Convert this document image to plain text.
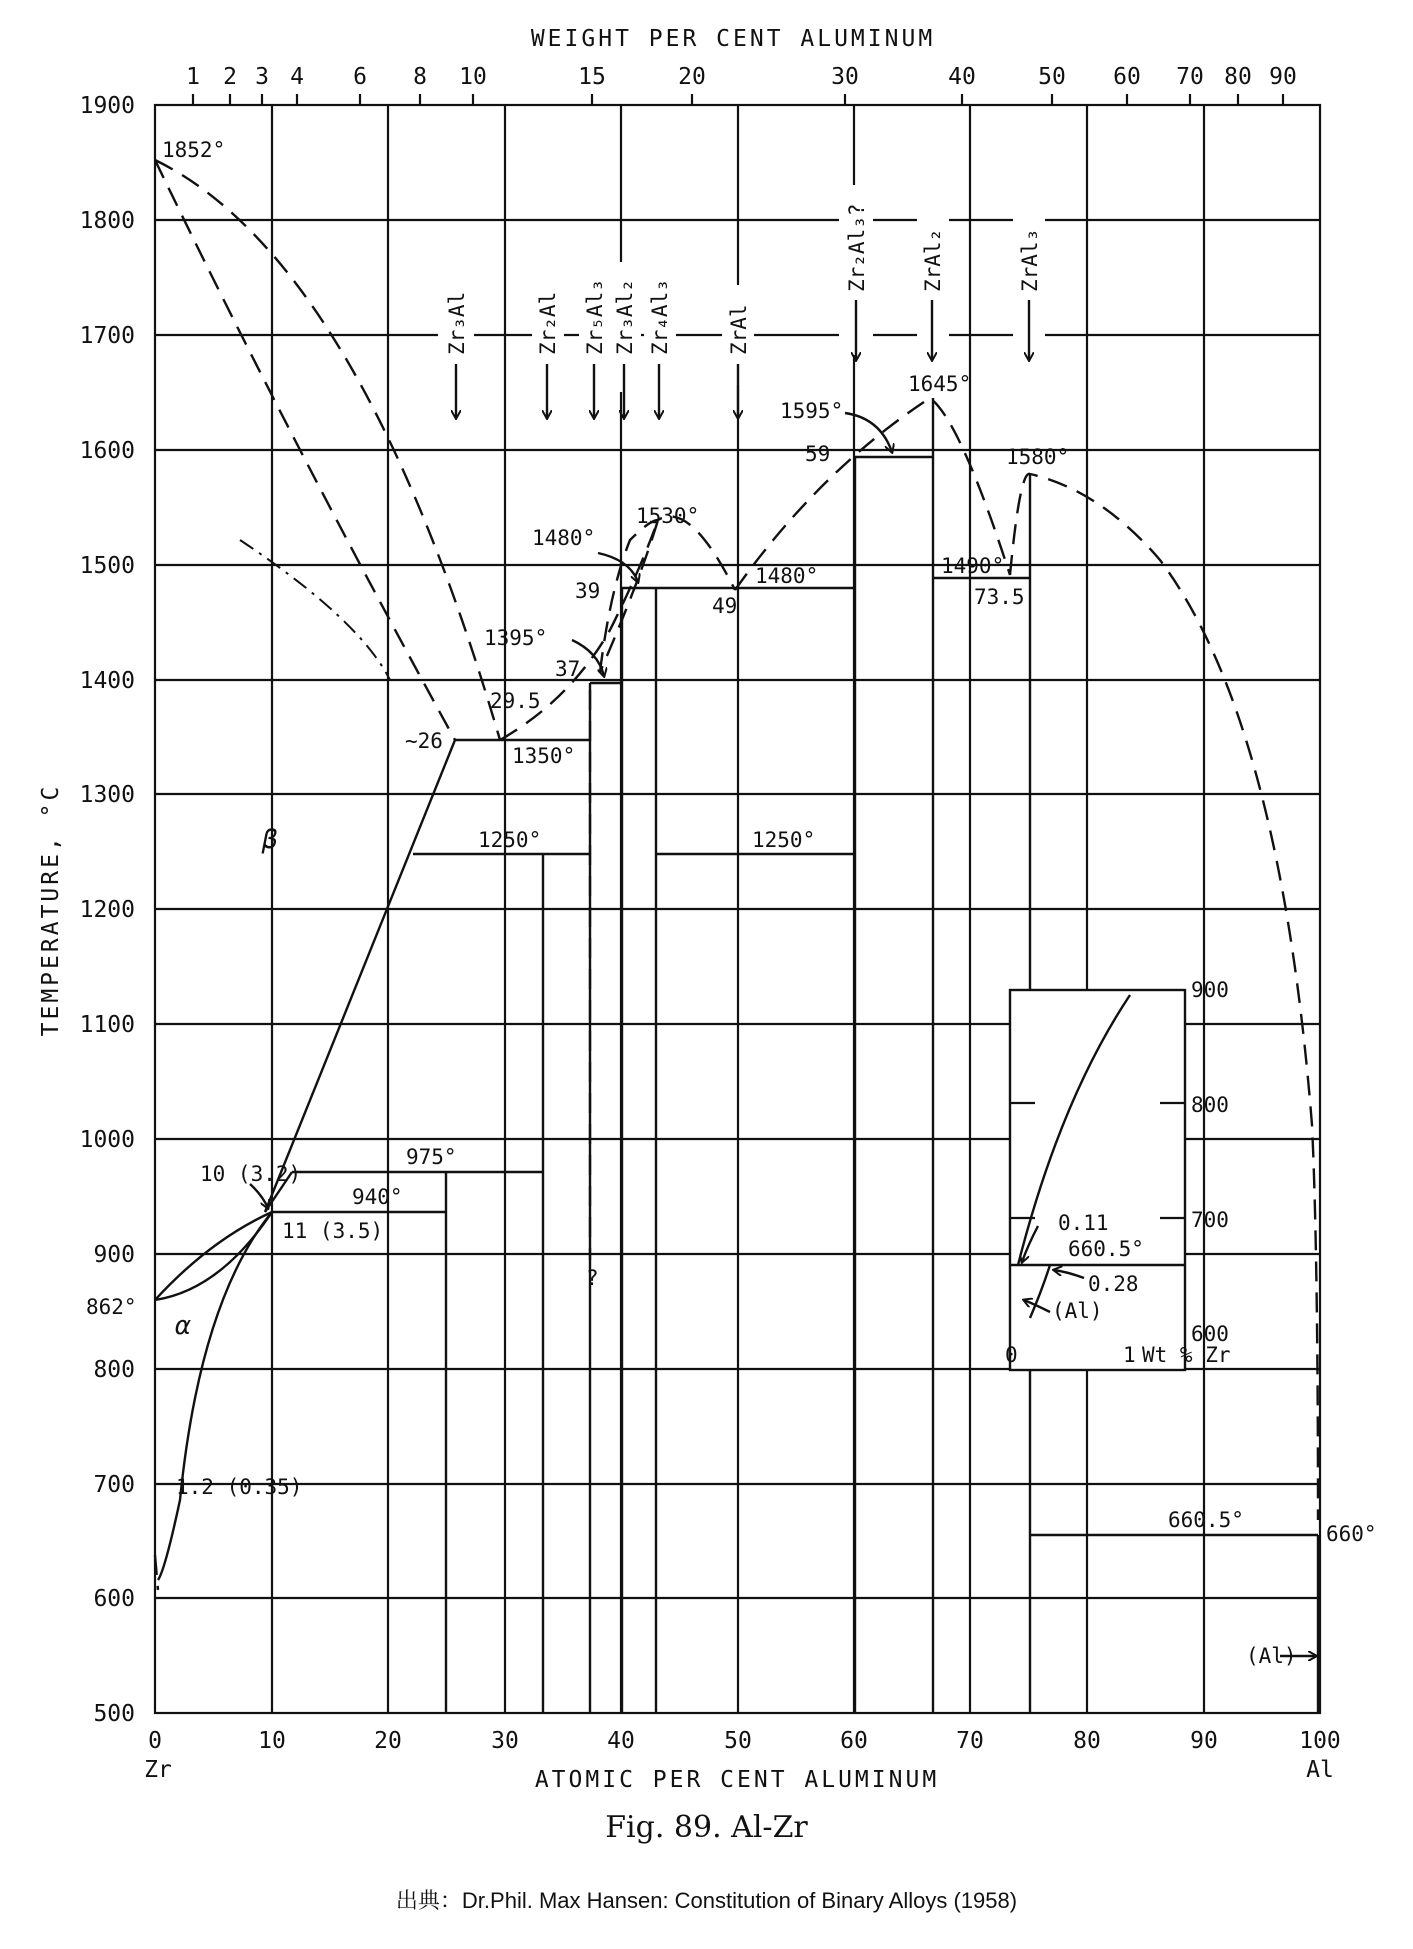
1900
1800
1700
1600
1500
1400
1300
1200
1100
1000
900
800
700
600
500
0	10	20	30	40	50	60	70	80	90	100
Zr	Al
1 2 3 4 6 8 10	15	20	30	40	50 60 70 80 90
WEIGHT PER CENT ALUMINUM
ATOMIC PER CENT ALUMINUM
TEMPERATURE, °C
Zr₃Al	Zr₂Al Zr₅Al₃ Zr₃Al₂ Zr₄Al₃	ZrAl
Zr₂Al₃? ZrAl₂	ZrAl₃
1852°
862°
β
α
1645°
1595°
59	1580°
1530°
1480°
39
1480°
49
1490°
73.5
1395°
37
29.5
~26
1350°
1250°	1250°
975°
940°
10 (3.2)
11 (3.5)
1.2 (0.35)
?
660.5°
660°
(Al)
900
800
700
600
0	1 Wt % Zr
0.11
660.5°
0.28
(Al)
Fig. 89. Al-Zr
出典：Dr.Phil. Max Hansen: Constitution of Binary Alloys (1958)
